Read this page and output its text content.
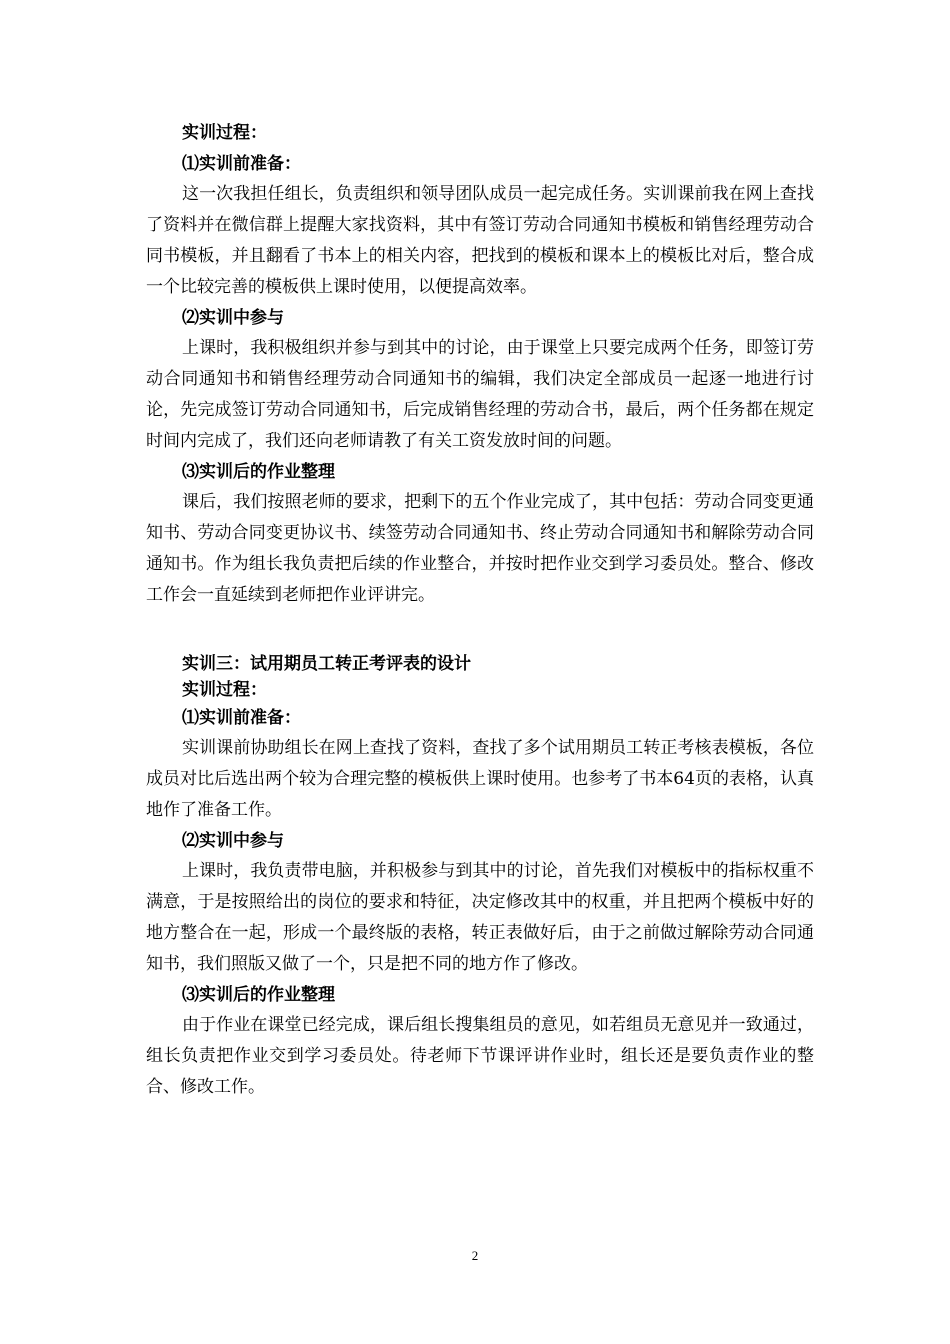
实训过程：

⑴实训前准备：

这一次我担任组长，负责组织和领导团队成员一起完成任务。实训课前我在网上查找了资料并在微信群上提醒大家找资料，其中有签订劳动合同通知书模板和销售经理劳动合同书模板，并且翻看了书本上的相关内容，把找到的模板和课本上的模板比对后，整合成一个比较完善的模板供上课时使用，以便提高效率。

⑵实训中参与

上课时，我积极组织并参与到其中的讨论，由于课堂上只要完成两个任务，即签订劳动合同通知书和销售经理劳动合同通知书的编辑，我们决定全部成员一起逐一地进行讨论，先完成签订劳动合同通知书，后完成销售经理的劳动合书，最后，两个任务都在规定时间内完成了，我们还向老师请教了有关工资发放时间的问题。

⑶实训后的作业整理

课后，我们按照老师的要求，把剩下的五个作业完成了，其中包括：劳动合同变更通知书、劳动合同变更协议书、续签劳动合同通知书、终止劳动合同通知书和解除劳动合同通知书。作为组长我负责把后续的作业整合，并按时把作业交到学习委员处。整合、修改工作会一直延续到老师把作业评讲完。

实训三：试用期员工转正考评表的设计

实训过程：

⑴实训前准备：

实训课前协助组长在网上查找了资料，查找了多个试用期员工转正考核表模板，各位成员对比后选出两个较为合理完整的模板供上课时使用。也参考了书本64页的表格，认真地作了准备工作。

⑵实训中参与

上课时，我负责带电脑，并积极参与到其中的讨论，首先我们对模板中的指标权重不满意，于是按照给出的岗位的要求和特征，决定修改其中的权重，并且把两个模板中好的地方整合在一起，形成一个最终版的表格，转正表做好后，由于之前做过解除劳动合同通知书，我们照版又做了一个，只是把不同的地方作了修改。

⑶实训后的作业整理

由于作业在课堂已经完成，课后组长搜集组员的意见，如若组员无意见并一致通过，组长负责把作业交到学习委员处。待老师下节课评讲作业时，组长还是要负责作业的整合、修改工作。

2
